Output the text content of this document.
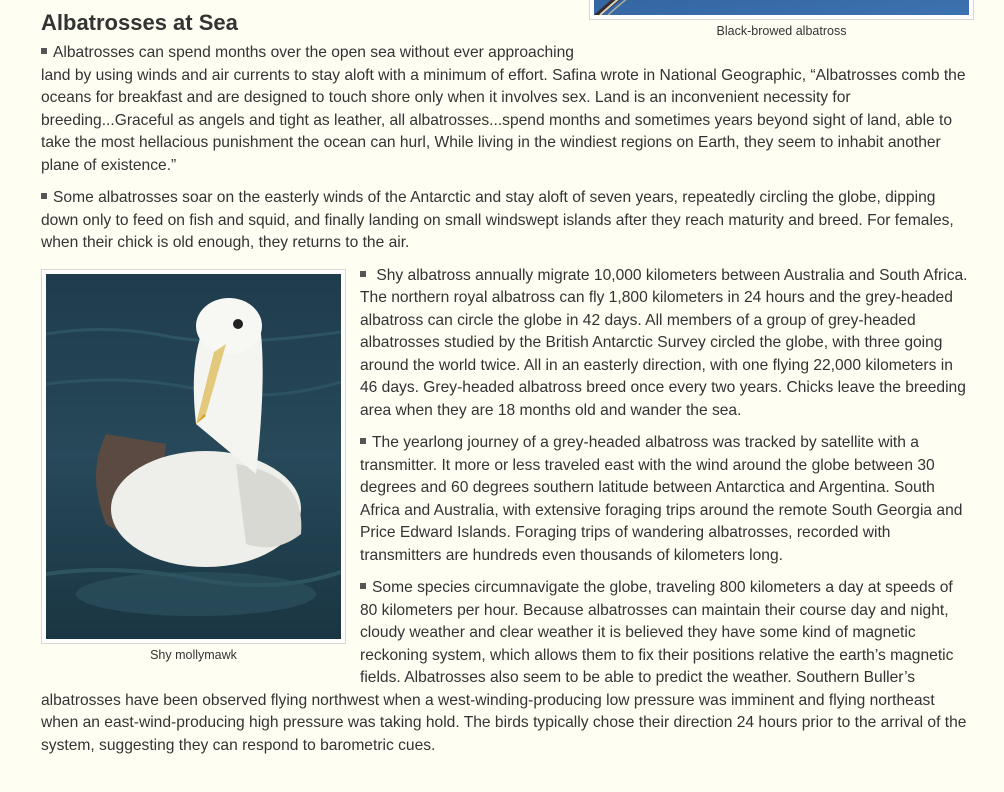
Black-browed albatross
Albatrosses at Sea

Albatrosses can spend months over the open sea without ever approaching land by using winds and air currents to stay aloft with a minimum of effort. Safina wrote in National Geographic, “Albatrosses comb the oceans for breakfast and are designed to touch shore only when it involves sex. Land is an inconvenient necessity for breeding...Graceful as angels and tight as leather, all albatrosses...spend months and sometimes years beyond sight of land, able to take the most hellacious punishment the ocean can hurl, While living in the windiest regions on Earth, they seem to inhabit another plane of existence.”

Some albatrosses soar on the easterly winds of the Antarctic and stay aloft of seven years, repeatedly circling the globe, dipping down only to feed on fish and squid, and finally landing on small windswept islands after they reach maturity and breed. For females, when their chick is old enough, they returns to the air.

Shy mollymawk

Shy albatross annually migrate 10,000 kilometers between Australia and South Africa. The northern royal albatross can fly 1,800 kilometers in 24 hours and the grey-headed albatross can circle the globe in 42 days. All members of a group of grey-headed albatrosses studied by the British Antarctic Survey circled the globe, with three going around the world twice. All in an easterly direction, with one flying 22,000 kilometers in 46 days. Grey-headed albatross breed once every two years. Chicks leave the breeding area when they are 18 months old and wander the sea.

The yearlong journey of a grey-headed albatross was tracked by satellite with a transmitter. It more or less traveled east with the wind around the globe between 30 degrees and 60 degrees southern latitude between Antarctica and Argentina. South Africa and Australia, with extensive foraging trips around the remote South Georgia and Price Edward Islands. Foraging trips of wandering albatrosses, recorded with transmitters are hundreds even thousands of kilometers long.

Some species circumnavigate the globe, traveling 800 kilometers a day at speeds of 80 kilometers per hour. Because albatrosses can maintain their course day and night, cloudy weather and clear weather it is believed they have some kind of magnetic reckoning system, which allows them to fix their positions relative the earth’s magnetic fields. Albatrosses also seem to be able to predict the weather. Southern Buller’s albatrosses have been observed flying northwest when a west-winding-producing low pressure was imminent and flying northeast when an east-wind-producing high pressure was taking hold. The birds typically chose their direction 24 hours prior to the arrival of the system, suggesting they can respond to barometric cues.
